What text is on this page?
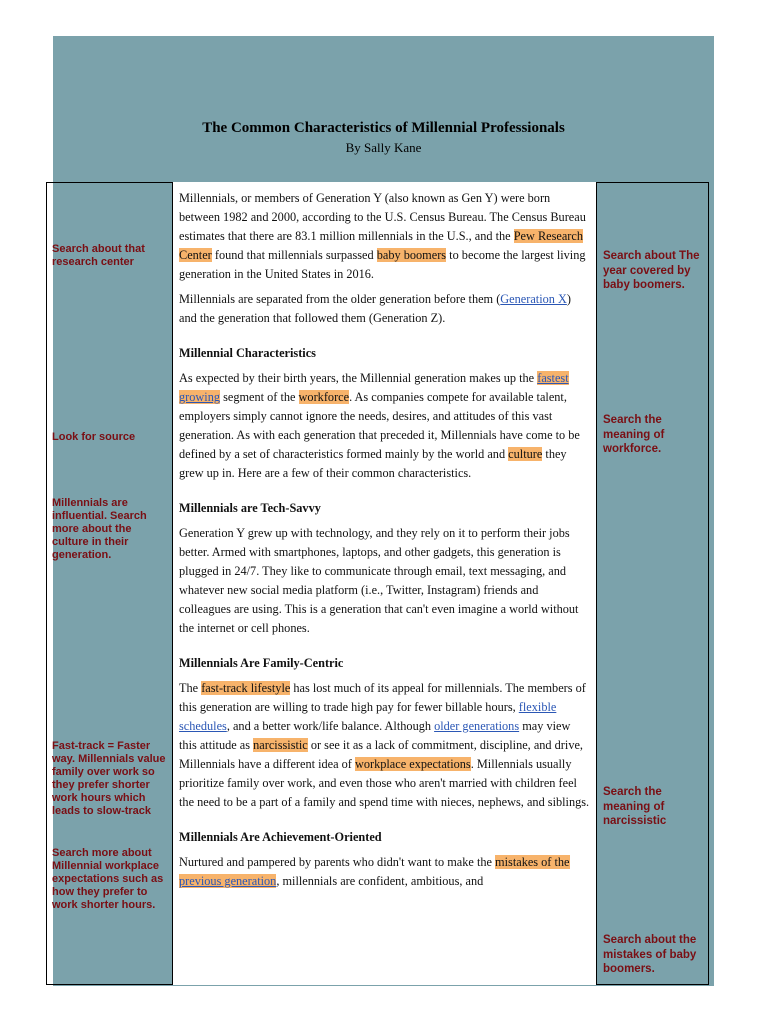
The Common Characteristics of Millennial Professionals
By Sally Kane

Millennials, or members of Generation Y (also known as Gen Y) were born between 1982 and 2000, according to the U.S. Census Bureau. The Census Bureau estimates that there are 83.1 million millennials in the U.S., and the Pew Research Center found that millennials surpassed baby boomers to become the largest living generation in the United States in 2016.

Millennials are separated from the older generation before them (Generation X) and the generation that followed them (Generation Z).

Millennial Characteristics

As expected by their birth years, the Millennial generation makes up the fastest growing segment of the workforce. As companies compete for available talent, employers simply cannot ignore the needs, desires, and attitudes of this vast generation. As with each generation that preceded it, Millennials have come to be defined by a set of characteristics formed mainly by the world and culture they grew up in. Here are a few of their common characteristics.

Millennials are Tech-Savvy

Generation Y grew up with technology, and they rely on it to perform their jobs better. Armed with smartphones, laptops, and other gadgets, this generation is plugged in 24/7. They like to communicate through email, text messaging, and whatever new social media platform (i.e., Twitter, Instagram) friends and colleagues are using. This is a generation that can't even imagine a world without the internet or cell phones.

Millennials Are Family-Centric

The fast-track lifestyle has lost much of its appeal for millennials. The members of this generation are willing to trade high pay for fewer billable hours, flexible schedules, and a better work/life balance. Although older generations may view this attitude as narcissistic or see it as a lack of commitment, discipline, and drive, Millennials have a different idea of workplace expectations. Millennials usually prioritize family over work, and even those who aren't married with children feel the need to be a part of a family and spend time with nieces, nephews, and siblings.

Millennials Are Achievement-Oriented

Nurtured and pampered by parents who didn't want to make the mistakes of the previous generation, millennials are confident, ambitious, and

Search about that research center

Look for source

Millennials are influential. Search more about the culture in their generation.

Fast-track = Faster way. Millennials value family over work so they prefer shorter work hours which leads to slow-track

Search more about Millennial workplace expectations such as how they prefer to work shorter hours.

Search about The year covered by baby boomers.

Search the meaning of workforce.

Search the meaning of narcissistic

Search about the mistakes of baby boomers.
